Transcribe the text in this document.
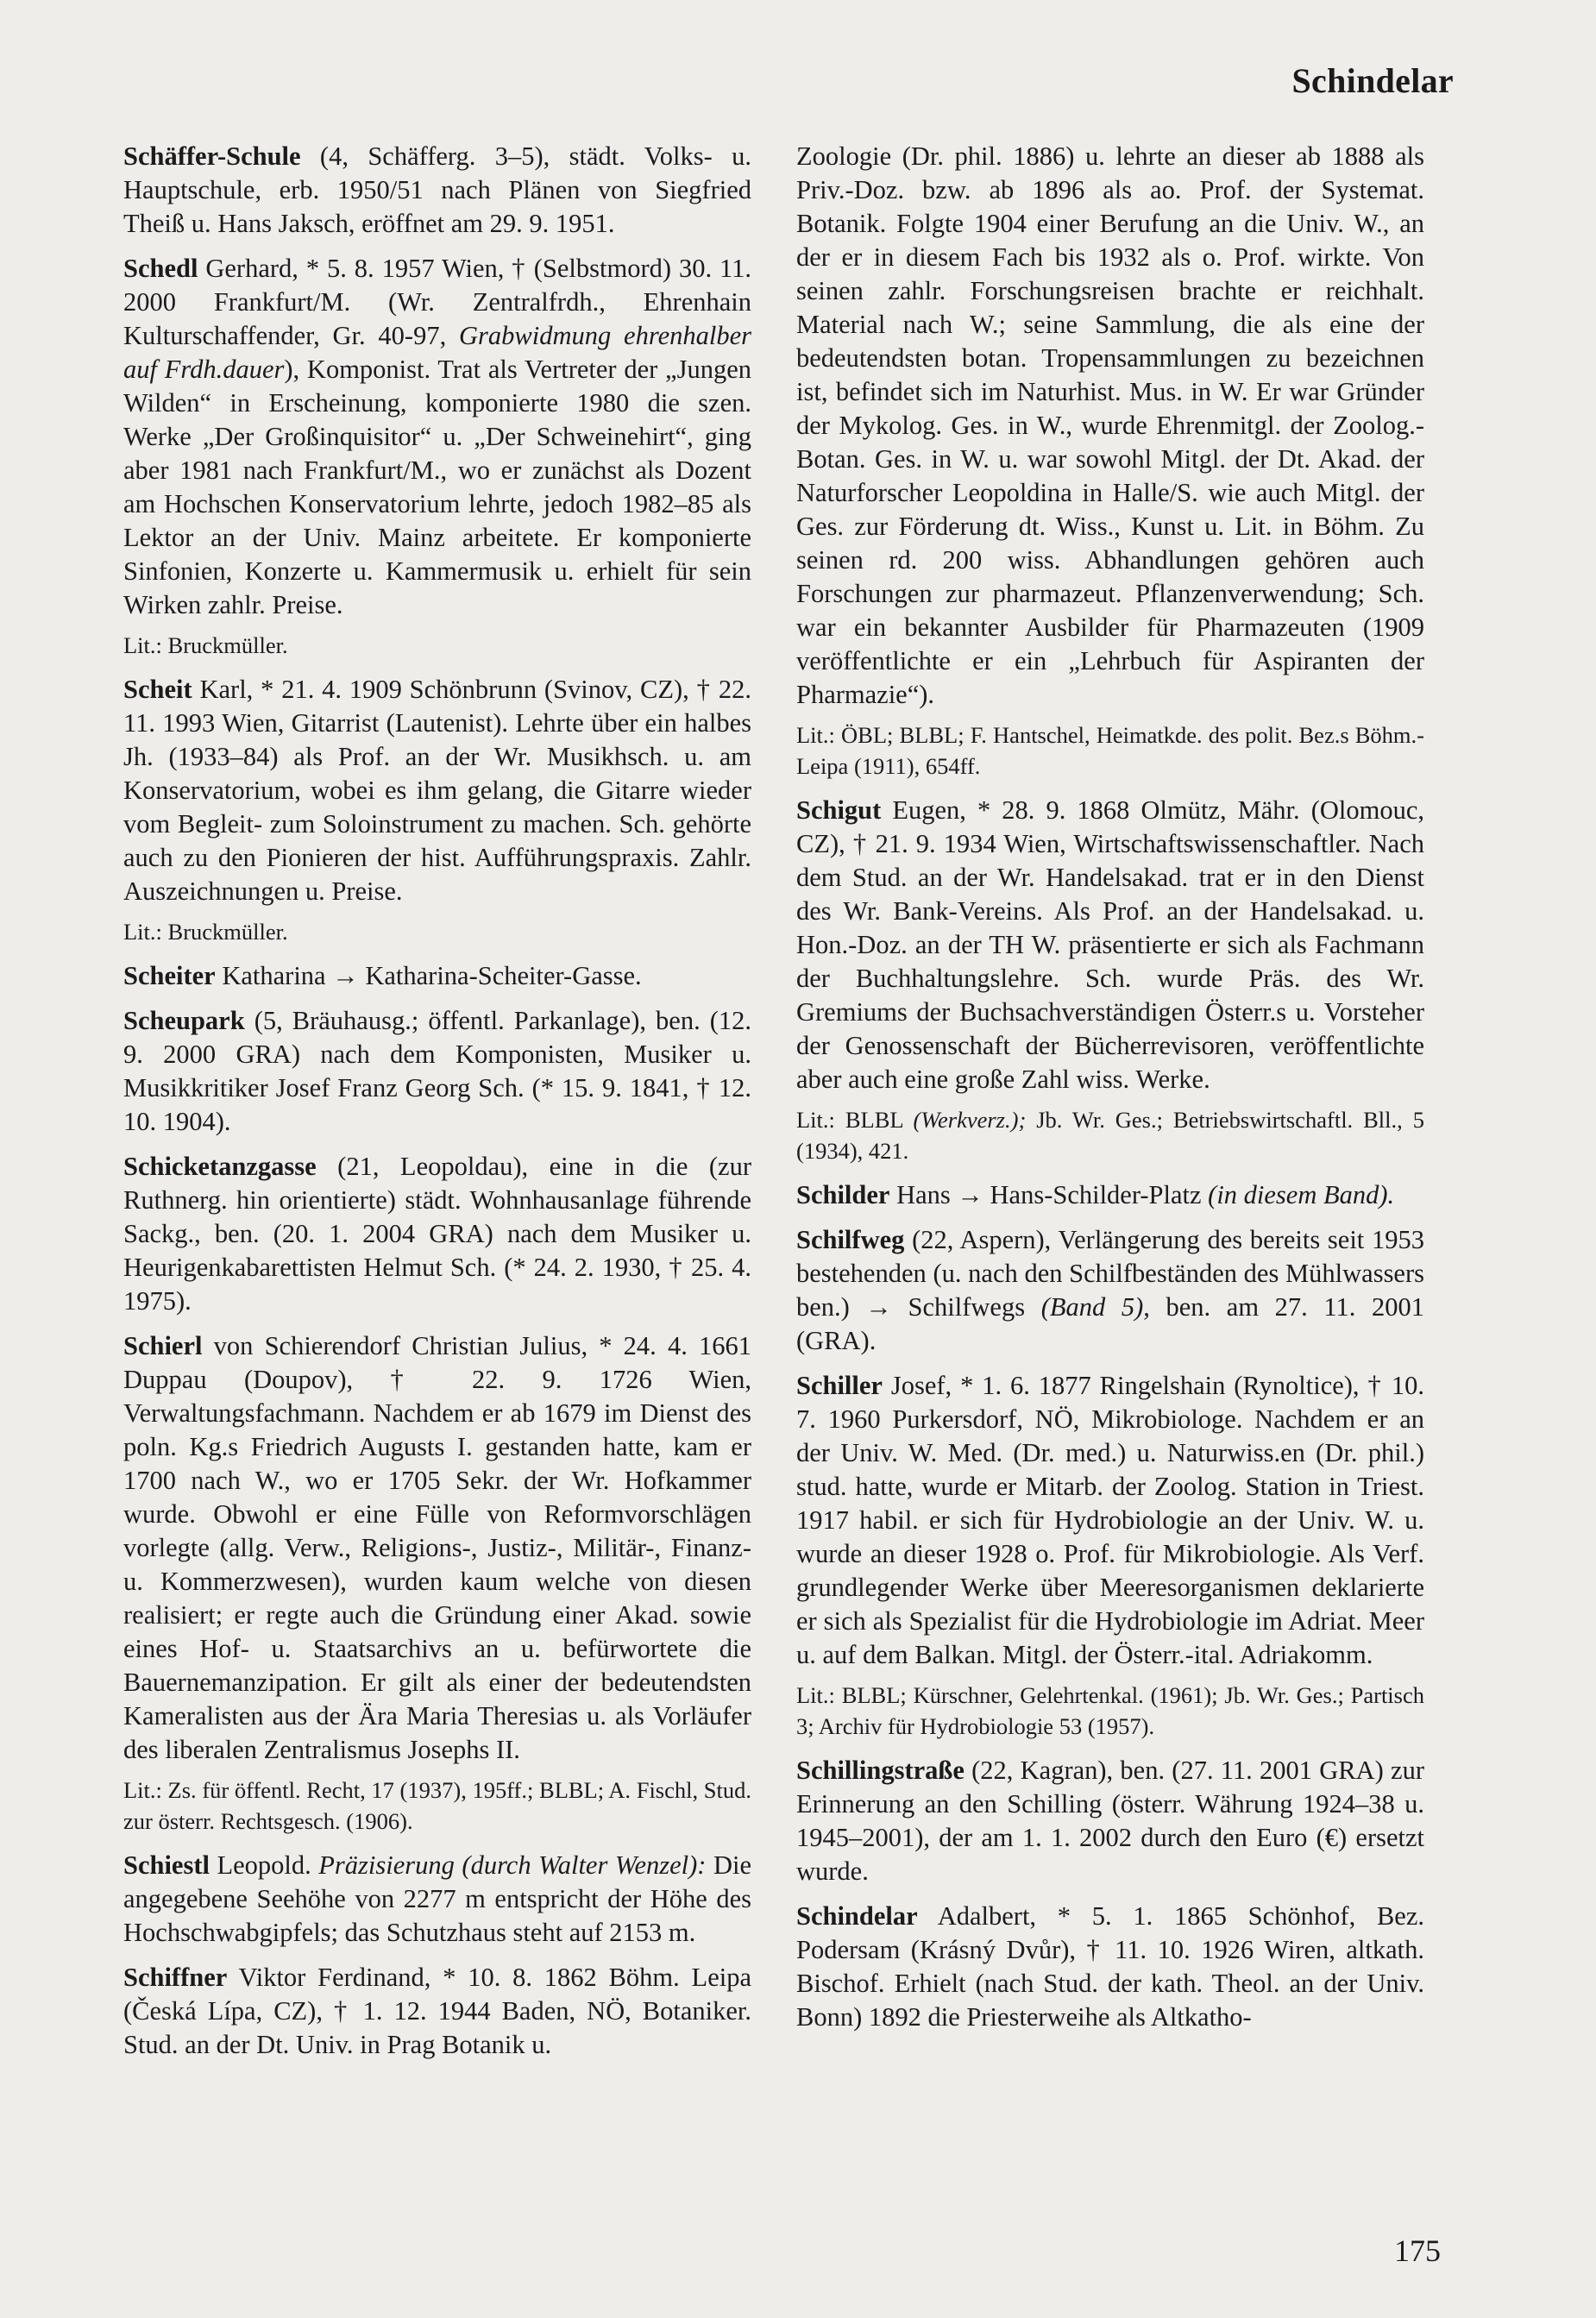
Schindelar

Schäffer-Schule (4, Schäfferg. 3–5), städt. Volks- u. Hauptschule, erb. 1950/51 nach Plänen von Siegfried Theiß u. Hans Jaksch, eröffnet am 29. 9. 1951.

Schedl Gerhard, * 5. 8. 1957 Wien, † (Selbstmord) 30. 11. 2000 Frankfurt/M. (Wr. Zentralfrdh., Ehrenhain Kulturschaffender, Gr. 40-97, Grabwidmung ehrenhalber auf Frdh.dauer), Komponist. Trat als Vertreter der „Jungen Wilden“ in Erscheinung, komponierte 1980 die szen. Werke „Der Großinquisitor“ u. „Der Schweinehirt“, ging aber 1981 nach Frankfurt/M., wo er zunächst als Dozent am Hochschen Konservatorium lehrte, jedoch 1982–85 als Lektor an der Univ. Mainz arbeitete. Er komponierte Sinfonien, Konzerte u. Kammermusik u. erhielt für sein Wirken zahlr. Preise.

Lit.: Bruckmüller.

Scheit Karl, * 21. 4. 1909 Schönbrunn (Svinov, CZ), † 22. 11. 1993 Wien, Gitarrist (Lautenist). Lehrte über ein halbes Jh. (1933–84) als Prof. an der Wr. Musikhsch. u. am Konservatorium, wobei es ihm gelang, die Gitarre wieder vom Begleit- zum Soloinstrument zu machen. Sch. gehörte auch zu den Pionieren der hist. Aufführungspraxis. Zahlr. Auszeichnungen u. Preise.

Lit.: Bruckmüller.

Scheiter Katharina → Katharina-Scheiter-Gasse.

Scheupark (5, Bräuhausg.; öffentl. Parkanlage), ben. (12. 9. 2000 GRA) nach dem Komponisten, Musiker u. Musikkritiker Josef Franz Georg Sch. (* 15. 9. 1841, † 12. 10. 1904).

Schicketanzgasse (21, Leopoldau), eine in die (zur Ruthnerg. hin orientierte) städt. Wohnhausanlage führende Sackg., ben. (20. 1. 2004 GRA) nach dem Musiker u. Heurigenkabarettisten Helmut Sch. (* 24. 2. 1930, † 25. 4. 1975).

Schierl von Schierendorf Christian Julius, * 24. 4. 1661 Duppau (Doupov), † 22. 9. 1726 Wien, Verwaltungsfachmann. Nachdem er ab 1679 im Dienst des poln. Kg.s Friedrich Augusts I. gestanden hatte, kam er 1700 nach W., wo er 1705 Sekr. der Wr. Hofkammer wurde. Obwohl er eine Fülle von Reformvorschlägen vorlegte (allg. Verw., Religions-, Justiz-, Militär-, Finanz- u. Kommerzwesen), wurden kaum welche von diesen realisiert; er regte auch die Gründung einer Akad. sowie eines Hof- u. Staatsarchivs an u. befürwortete die Bauernemanzipation. Er gilt als einer der bedeutendsten Kameralisten aus der Ära Maria Theresias u. als Vorläufer des liberalen Zentralismus Josephs II.

Lit.: Zs. für öffentl. Recht, 17 (1937), 195ff.; BLBL; A. Fischl, Stud. zur österr. Rechtsgesch. (1906).

Schiestl Leopold. Präzisierung (durch Walter Wenzel): Die angegebene Seehöhe von 2277 m entspricht der Höhe des Hochschwabgipfels; das Schutzhaus steht auf 2153 m.

Schiffner Viktor Ferdinand, * 10. 8. 1862 Böhm. Leipa (Česká Lípa, CZ), † 1. 12. 1944 Baden, NÖ, Botaniker. Stud. an der Dt. Univ. in Prag Botanik u.

Zoologie (Dr. phil. 1886) u. lehrte an dieser ab 1888 als Priv.-Doz. bzw. ab 1896 als ao. Prof. der Systemat. Botanik. Folgte 1904 einer Berufung an die Univ. W., an der er in diesem Fach bis 1932 als o. Prof. wirkte. Von seinen zahlr. Forschungsreisen brachte er reichhalt. Material nach W.; seine Sammlung, die als eine der bedeutendsten botan. Tropensammlungen zu bezeichnen ist, befindet sich im Naturhist. Mus. in W. Er war Gründer der Mykolog. Ges. in W., wurde Ehrenmitgl. der Zoolog.-Botan. Ges. in W. u. war sowohl Mitgl. der Dt. Akad. der Naturforscher Leopoldina in Halle/S. wie auch Mitgl. der Ges. zur Förderung dt. Wiss., Kunst u. Lit. in Böhm. Zu seinen rd. 200 wiss. Abhandlungen gehören auch Forschungen zur pharmazeut. Pflanzenverwendung; Sch. war ein bekannter Ausbilder für Pharmazeuten (1909 veröffentlichte er ein „Lehrbuch für Aspiranten der Pharmazie“).

Lit.: ÖBL; BLBL; F. Hantschel, Heimatkde. des polit. Bez.s Böhm.-Leipa (1911), 654ff.

Schigut Eugen, * 28. 9. 1868 Olmütz, Mähr. (Olomouc, CZ), † 21. 9. 1934 Wien, Wirtschaftswissenschaftler. Nach dem Stud. an der Wr. Handelsakad. trat er in den Dienst des Wr. Bank-Vereins. Als Prof. an der Handelsakad. u. Hon.-Doz. an der TH W. präsentierte er sich als Fachmann der Buchhaltungslehre. Sch. wurde Präs. des Wr. Gremiums der Buchsachverständigen Österr.s u. Vorsteher der Genossenschaft der Bücherrevisoren, veröffentlichte aber auch eine große Zahl wiss. Werke.

Lit.: BLBL (Werkverz.); Jb. Wr. Ges.; Betriebswirtschaftl. Bll., 5 (1934), 421.

Schilder Hans → Hans-Schilder-Platz (in diesem Band).

Schilfweg (22, Aspern), Verlängerung des bereits seit 1953 bestehenden (u. nach den Schilfbeständen des Mühlwassers ben.) → Schilfwegs (Band 5), ben. am 27. 11. 2001 (GRA).

Schiller Josef, * 1. 6. 1877 Ringelshain (Rynoltice), † 10. 7. 1960 Purkersdorf, NÖ, Mikrobiologe. Nachdem er an der Univ. W. Med. (Dr. med.) u. Naturwiss.en (Dr. phil.) stud. hatte, wurde er Mitarb. der Zoolog. Station in Triest. 1917 habil. er sich für Hydrobiologie an der Univ. W. u. wurde an dieser 1928 o. Prof. für Mikrobiologie. Als Verf. grundlegender Werke über Meeresorganismen deklarierte er sich als Spezialist für die Hydrobiologie im Adriat. Meer u. auf dem Balkan. Mitgl. der Österr.-ital. Adriakomm.

Lit.: BLBL; Kürschner, Gelehrtenkal. (1961); Jb. Wr. Ges.; Partisch 3; Archiv für Hydrobiologie 53 (1957).

Schillingstraße (22, Kagran), ben. (27. 11. 2001 GRA) zur Erinnerung an den Schilling (österr. Währung 1924–38 u. 1945–2001), der am 1. 1. 2002 durch den Euro (€) ersetzt wurde.

Schindelar Adalbert, * 5. 1. 1865 Schönhof, Bez. Podersam (Krásný Dvůr), † 11. 10. 1926 Wiren, altkath. Bischof. Erhielt (nach Stud. der kath. Theol. an der Univ. Bonn) 1892 die Priesterweihe als Altkatho-

175
